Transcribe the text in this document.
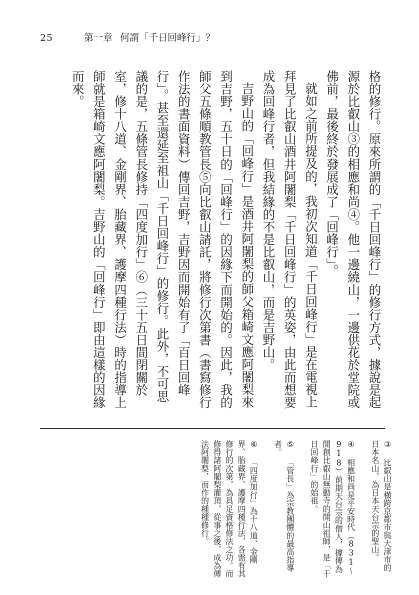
25	第一章 何謂「千日回峰行」？

格的修行。原來所謂的「千日回峰行」的修行方式，據說是起源於比叡山③的相應和尚④。他一邊繞山，一邊供花於堂院或佛前，最後終於發展成了「回峰行」。

就如之前所提及的，我初次知道「千日回峰行」是在電視上拜見了比叡山酒井阿闍梨「千日回峰行」的英姿，由此而想要成為回峰行者，但我結緣的不是比叡山，而是吉野山。

吉野山的「回峰行」是酒井阿闍梨的師父箱崎文應阿闍梨來到吉野，五十日的「回峰行」的因緣下而開始的。因此，我的師父五條順教管長⑤向比叡山請託，將修行次第書（書寫修行作法的書面資料）傳回吉野，吉野因而開始有了「百日回峰行」。甚至還延至祖山「千日回峰行」的修行。此外，不可思議的是，五條管長修持「四度加行」⑥（三十五日間閉關於室，修十八道、金剛界、胎藏界、護摩四種行法）時的指導上師就是箱崎文應阿闍梨。吉野山的「回峰行」即由這樣的因緣而來。

③ 比叡山是橫跨京都市與大津市的日本名山，為日本天台宗的聖山。
④ 相應和尚是平安時代（831～918）前期天台宗的僧人，據傳為開創比叡山無動寺的開山祖師，是「千日回峰行」的始祖。
⑤ 「管長」為宗教團體的最高指導者。
⑥ 「四度加行」為十八道、金剛界、胎藏界、護摩四種行法，各需有其修行的次第，為具足資格修法之功。而修得諸阿闍梨灌頂，從事之後，成為傳法阿闍梨，而作的種種修行。
